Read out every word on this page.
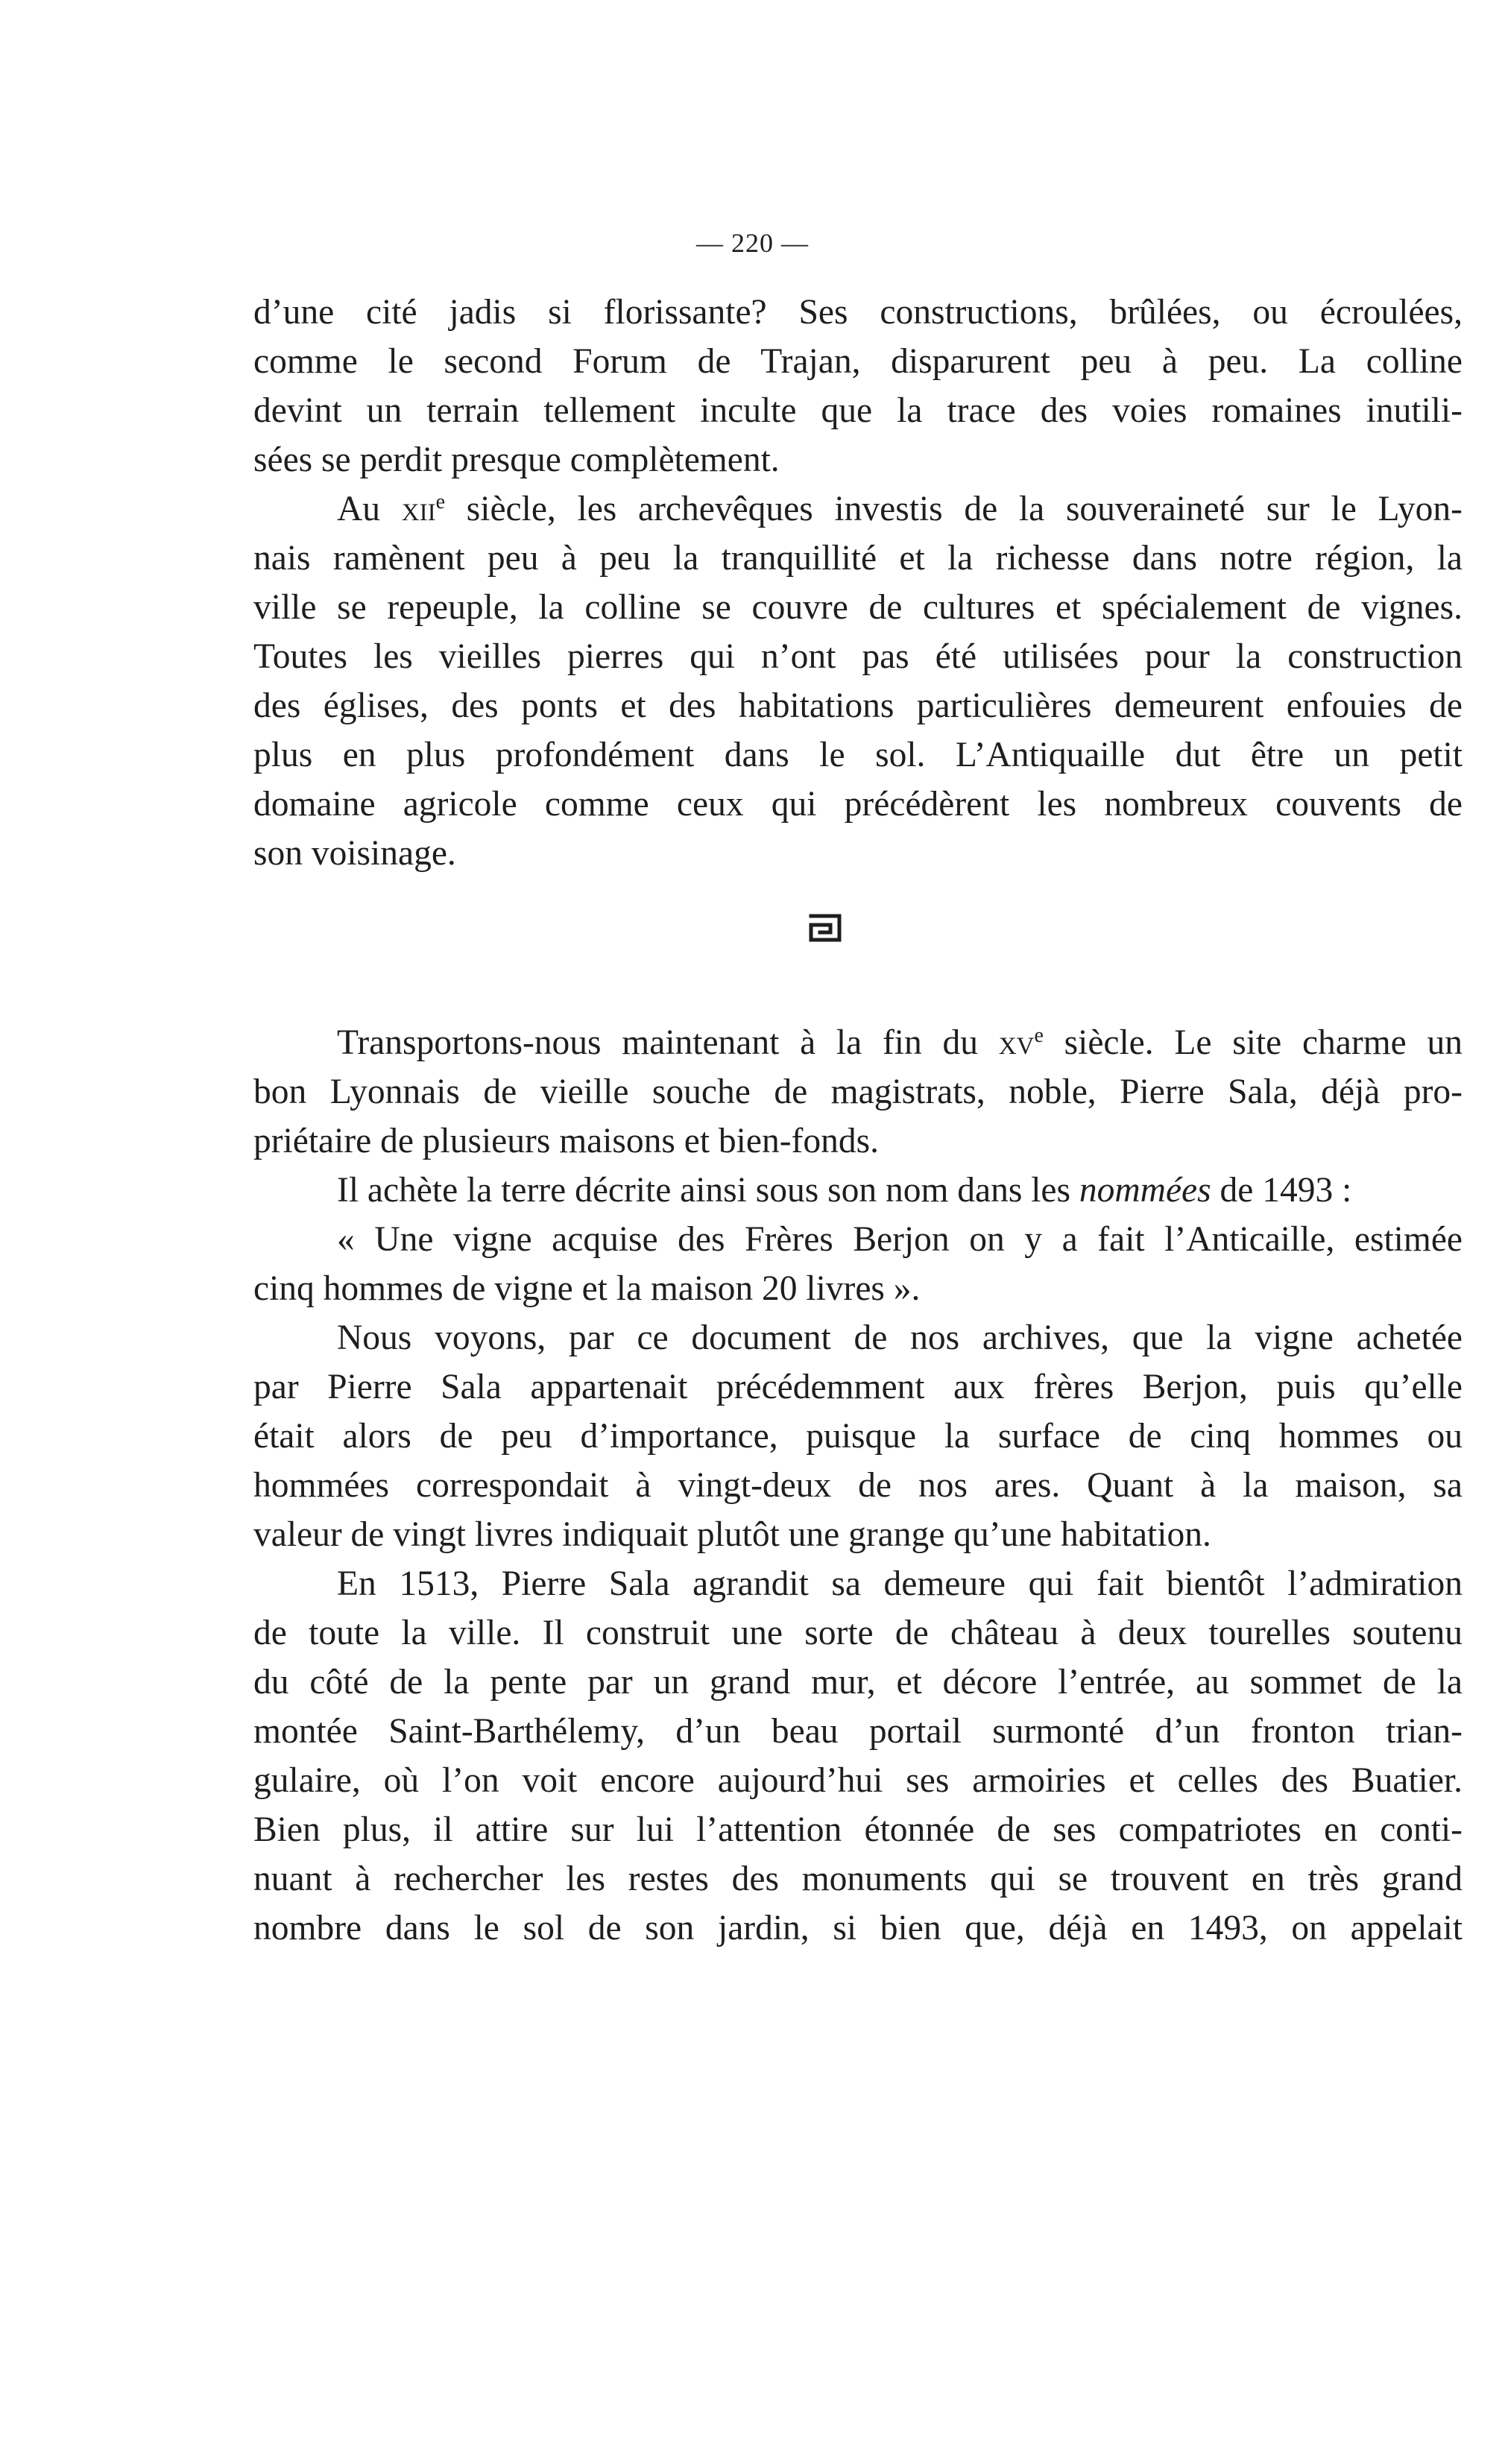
— 220 —

d’une cité jadis si florissante? Ses constructions, brûlées, ou écroulées,
comme le second Forum de Trajan, disparurent peu à peu. La colline
devint un terrain tellement inculte que la trace des voies romaines inutili-
sées se perdit presque complètement.

Au xii$^e$ siècle, les archevêques investis de la souveraineté sur le Lyon-
nais ramènent peu à peu la tranquillité et la richesse dans notre région, la
ville se repeuple, la colline se couvre de cultures et spécialement de vignes.
Toutes les vieilles pierres qui n’ont pas été utilisées pour la construction
des églises, des ponts et des habitations particulières demeurent enfouies de
plus en plus profondément dans le sol. L’Antiquaille dut être un petit
domaine agricole comme ceux qui précédèrent les nombreux couvents de
son voisinage.

Transportons-nous maintenant à la fin du $xv^e$ siècle. Le site charme un
bon Lyonnais de vieille souche de magistrats, noble, Pierre Sala, déjà pro-
priétaire de plusieurs maisons et bien-fonds.

Il achète la terre décrite ainsi sous son nom dans les nommées de 1493 :

« Une vigne acquise des Frères Berjon on y a fait l’Anticaille, estimée
cinq hommes de vigne et la maison 20 livres ».

Nous voyons, par ce document de nos archives, que la vigne achetée
par Pierre Sala appartenait précédemment aux frères Berjon, puis qu’elle
était alors de peu d’importance, puisque la surface de cinq hommes ou
hommées correspondait à vingt-deux de nos ares. Quant à la maison, sa
valeur de vingt livres indiquait plutôt une grange qu’une habitation.

En 1513, Pierre Sala agrandit sa demeure qui fait bientôt l’admiration
de toute la ville. Il construit une sorte de château à deux tourelles soutenu
du côté de la pente par un grand mur, et décore l’entrée, au sommet de la
montée Saint-Barthélemy, d’un beau portail surmonté d’un fronton trian-
gulaire, où l’on voit encore aujourd’hui ses armoiries et celles des Buatier.
Bien plus, il attire sur lui l’attention étonnée de ses compatriotes en conti-
nuant à rechercher les restes des monuments qui se trouvent en très grand
nombre dans le sol de son jardin, si bien que, déjà en 1493, on appelait
